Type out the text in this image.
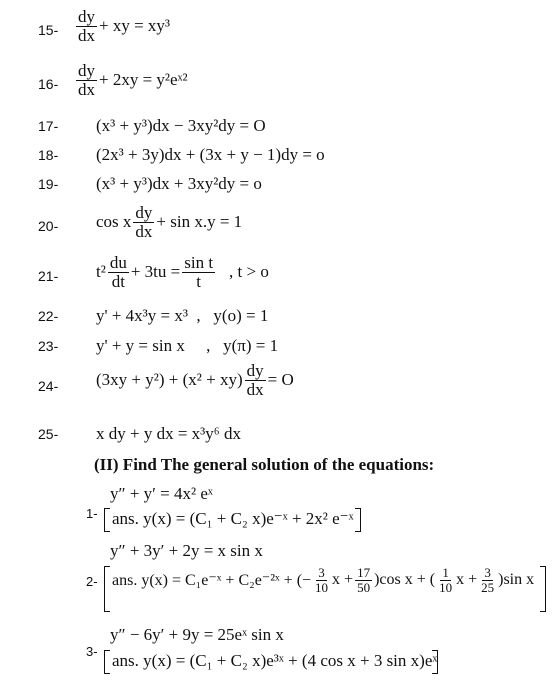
$15- \frac{dy}{dx}$ + xy = xy³
$16- \frac{dy}{dx} + 2xy$ = y²eˣ²
17- (x³ + y³)dx − 3xy²dy = O
18- (2x³ + 3y)dx + (3x + y − 1)dy = o
19- (x³ + y³)dx + 3xy²dy = o
20- cos x $\frac{dy}{dx} + \sin x.y = 1$
21- $t^2 \frac{du}{dt} + 3tu = \frac{\text{sin t}}{t}$ , t > o
22- y' + 4x³y = x³  ,   y(o) = 1
23- y' + y = sin x     ,   y(π) = 1
24- $(3xy + y^2) + (x^2 + xy) \frac{dy}{dx} = O$
25- x dy + y dx = x³y⁶ dx
(II) Find The general solution of the equations:
1-
y″ + y′ = 4x² eˣ
ans. y(x) = (C₁ + C₂ x)e⁻ˣ + 2x² e⁻ˣ
y″ + 3y′ + 2y = x sin x
2- ans. y(x) = C₁e⁻ˣ + C₂e⁻²ˣ + (− $\frac{3}{10}$ $x + \frac{17}{50} )\cos$ x + ( $\frac{1}{10}$ $x + \frac{3}{25} )\sin$ x
y″ − 6y′ + 9y = 25eˣ sin x
3- ans. y(x) = (C₁ + C₂ x)e³ˣ + (4 cos x + 3 sin x)eˣ
